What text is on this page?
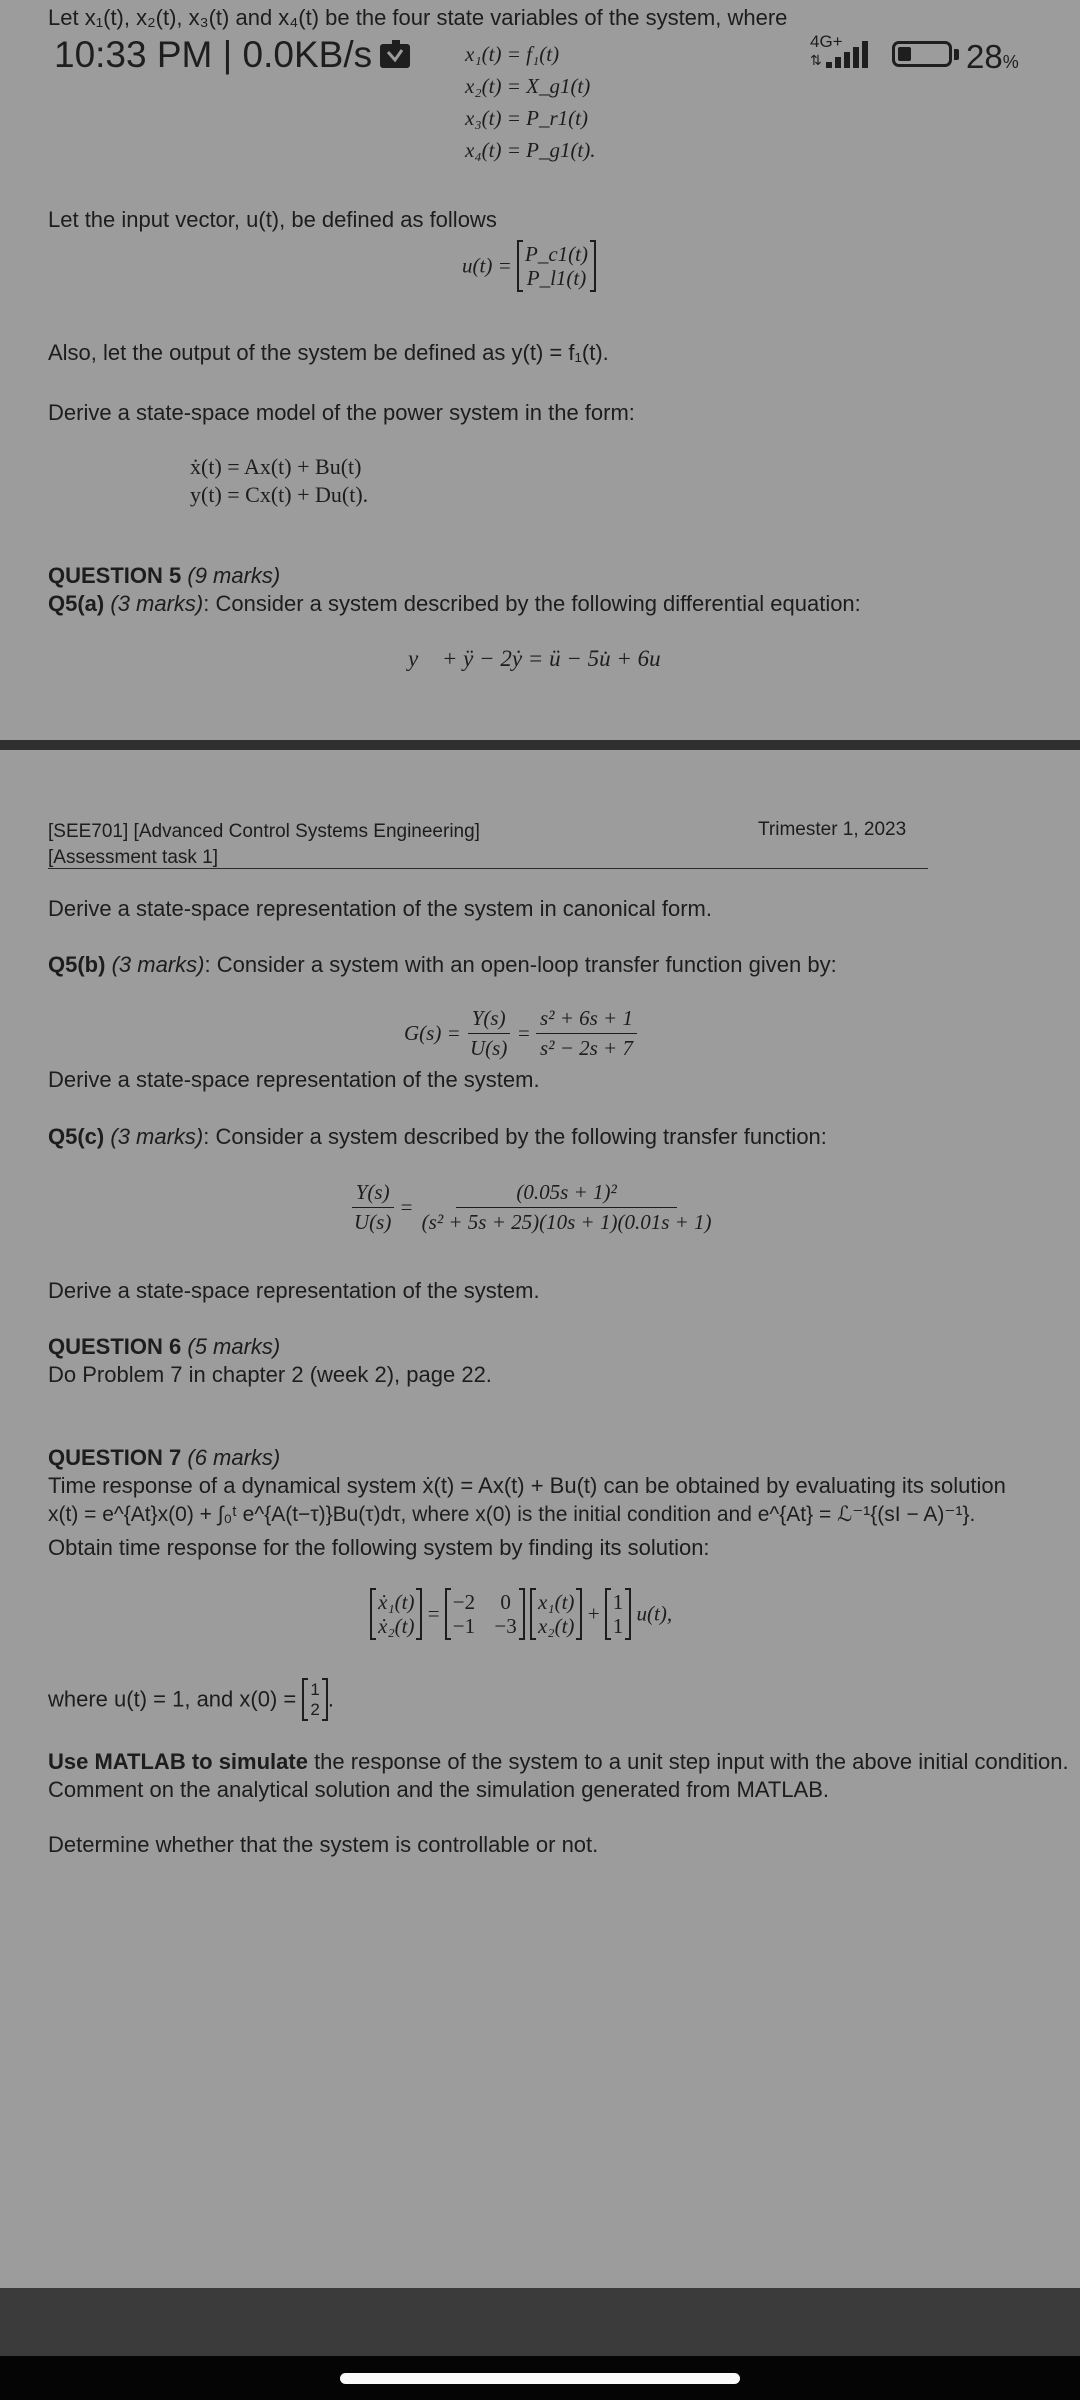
10:33 PM | 0.0KB/s	4G+
⇅	28%
Let x₁(t), x₂(t), x₃(t) and x₄(t) be the four state variables of the system, where
x₁(t) = f₁(t)
x₂(t) = X_g1(t)
x₃(t) = P_r1(t)
x₄(t) = P_g1(t).
Let the input vector, u(t), be defined as follows
u(t) = P_c1(t)
P_l1(t)
Also, let the output of the system be defined as y(t) = f₁(t).
Derive a state-space model of the power system in the form:
ẋ(t) = Ax(t) + Bu(t)
y(t) = Cx(t) + Du(t).
QUESTION 5 (9 marks)
Q5(a) (3 marks): Consider a system described by the following differential equation:
y⃛ + ÿ − 2ẏ = ü − 5u̇ + 6u
[SEE701] [Advanced Control Systems Engineering]
[Assessment task 1]
Trimester 1, 2023
Derive a state-space representation of the system in canonical form.
Q5(b) (3 marks): Consider a system with an open-loop transfer function given by:
$G(s) = \frac{Y(s)}{U(s)} = \frac{\text{s² + 6s + 1}}{\text{s² − 2s + 7}}$
Derive a state-space representation of the system.
Q5(c) (3 marks): Consider a system described by the following transfer function:
$\frac{Y(s)}{U(s)} = \frac{\text{(0.05s + 1)²}}{\text{(s² + 5s + 25)(10s + 1)(0.01s + 1)}}$
Derive a state-space representation of the system.
QUESTION 6 (5 marks)
Do Problem 7 in chapter 2 (week 2), page 22.
QUESTION 7 (6 marks)
Time response of a dynamical system ẋ(t) = Ax(t) + Bu(t) can be obtained by evaluating its solution
x(t) = e^{At}x(0) + ∫₀ᵗ e^{A(t−τ)}Bu(τ)dτ, where x(0) is the initial condition and e^{At} = ℒ⁻¹{(sI − A)⁻¹}.
Obtain time response for the following system by finding its solution:
ẋ₁(t)
ẋ₂(t)
= −2
−1

0
−3

x₁(t)
x₂(t)
+ 1
1
u(t),
where u(t) = 1, and x(0) = 1
2 .
Use MATLAB to simulate the response of the system to a unit step input with the above initial condition.
Comment on the analytical solution and the simulation generated from MATLAB.
Determine whether that the system is controllable or not.
